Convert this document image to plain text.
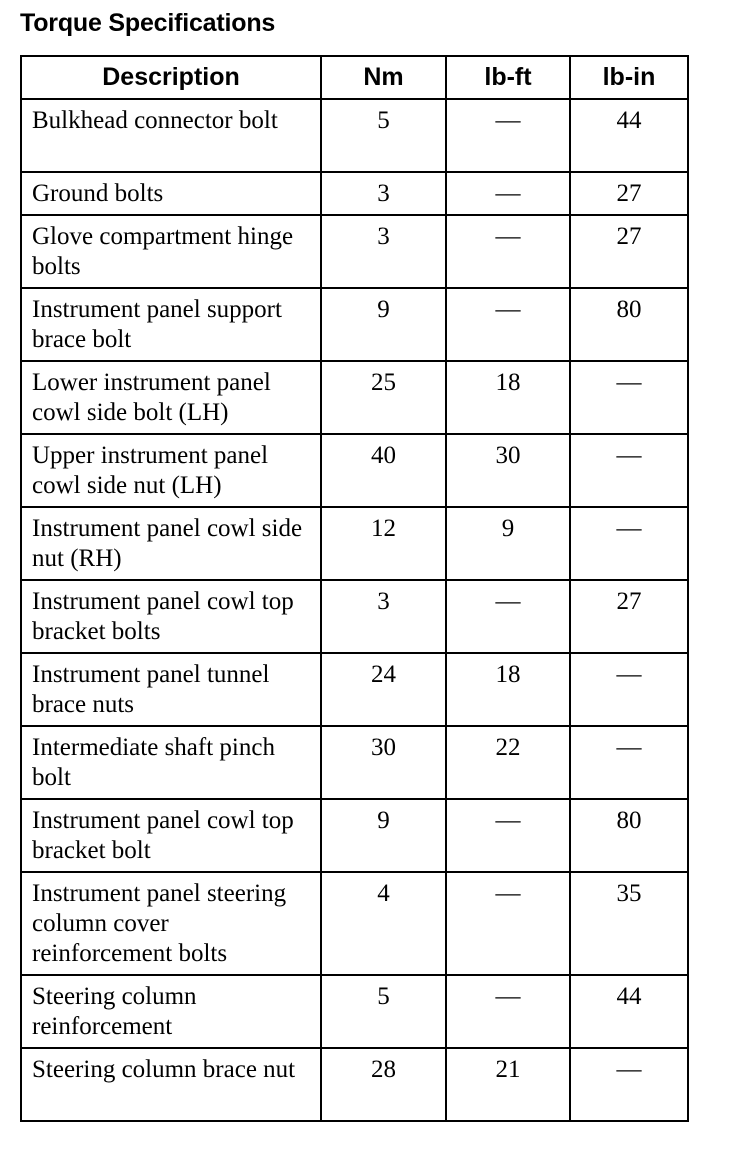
Torque Specifications
Description	Nm	lb-ft	lb-in
Bulkhead connector bolt	5	—	44
Ground bolts	3	—	27
Glove compartment hinge bolts	3	—	27
Instrument panel support brace bolt	9	—	80
Lower instrument panel cowl side bolt (LH)	25	18	—
Upper instrument panel cowl side nut (LH)	40	30	—
Instrument panel cowl side nut (RH)	12	9	—
Instrument panel cowl top bracket bolts	3	—	27
Instrument panel tunnel brace nuts	24	18	—
Intermediate shaft pinch bolt	30	22	—
Instrument panel cowl top bracket bolt	9	—	80
Instrument panel steering column cover reinforcement bolts	4	—	35
Steering column reinforcement	5	—	44
Steering column brace nut	28	21	—
